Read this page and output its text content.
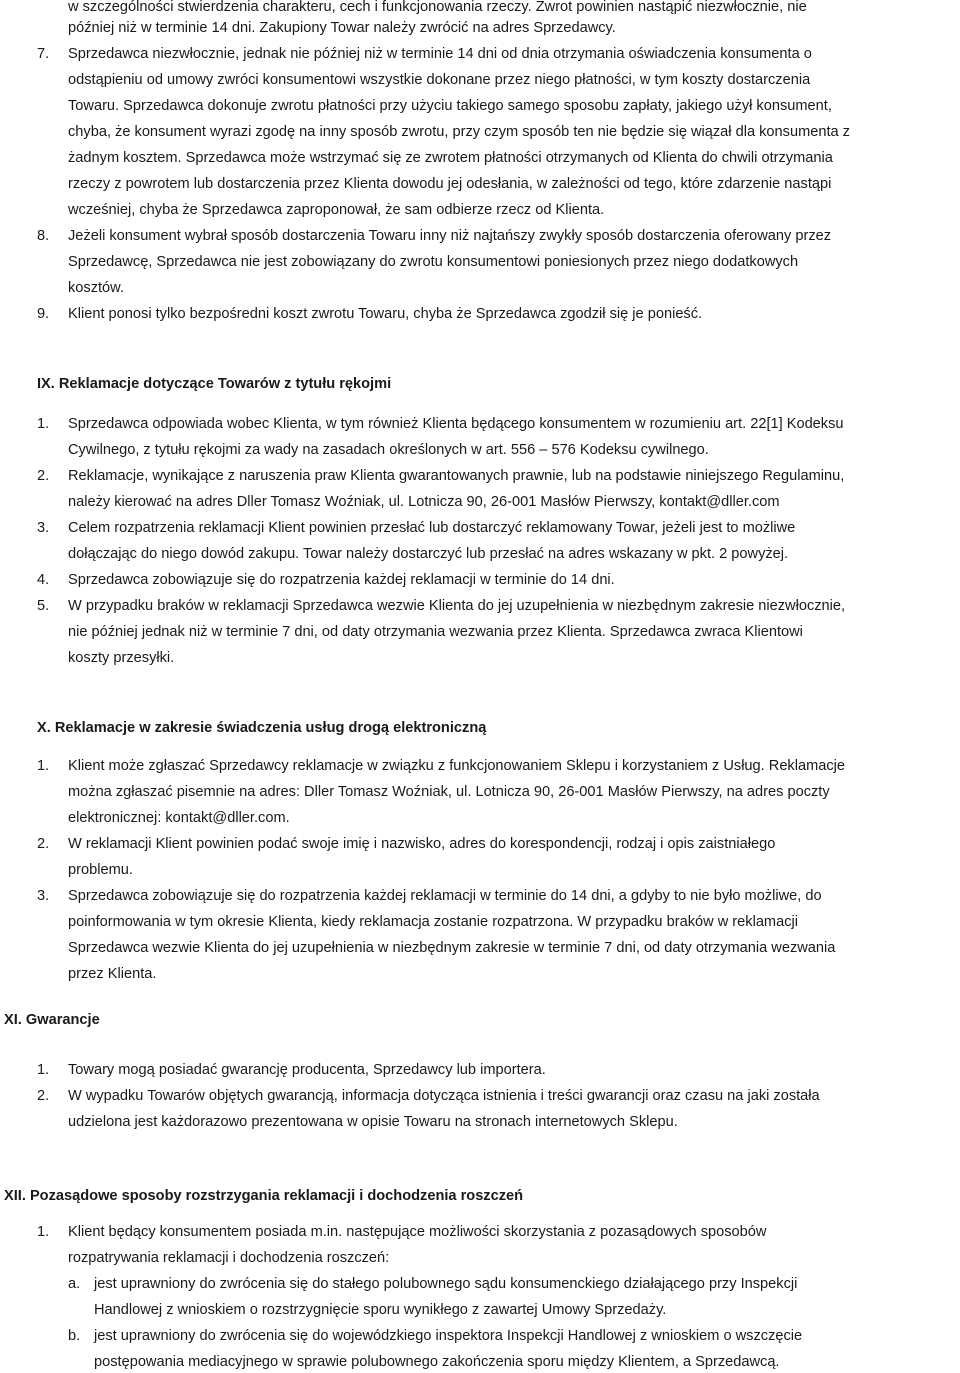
w szczególności stwierdzenia charakteru, cech i funkcjonowania rzeczy. Zwrot powinien nastąpić niezwłocznie, nie
później niż w terminie 14 dni. Zakupiony Towar należy zwrócić na adres Sprzedawcy.
7. Sprzedawca niezwłocznie, jednak nie później niż w terminie 14 dni od dnia otrzymania oświadczenia konsumenta o
odstąpieniu od umowy zwróci konsumentowi wszystkie dokonane przez niego płatności, w tym koszty dostarczenia
Towaru. Sprzedawca dokonuje zwrotu płatności przy użyciu takiego samego sposobu zapłaty, jakiego użył konsument,
chyba, że konsument wyrazi zgodę na inny sposób zwrotu, przy czym sposób ten nie będzie się wiązał dla konsumenta z
żadnym kosztem. Sprzedawca może wstrzymać się ze zwrotem płatności otrzymanych od Klienta do chwili otrzymania
rzeczy z powrotem lub dostarczenia przez Klienta dowodu jej odesłania, w zależności od tego, które zdarzenie nastąpi
wcześniej, chyba że Sprzedawca zaproponował, że sam odbierze rzecz od Klienta.
8. Jeżeli konsument wybrał sposób dostarczenia Towaru inny niż najtańszy zwykły sposób dostarczenia oferowany przez
Sprzedawcę, Sprzedawca nie jest zobowiązany do zwrotu konsumentowi poniesionych przez niego dodatkowych
kosztów.
9. Klient ponosi tylko bezpośredni koszt zwrotu Towaru, chyba że Sprzedawca zgodził się je ponieść.
IX. Reklamacje dotyczące Towarów z tytułu rękojmi
1. Sprzedawca odpowiada wobec Klienta, w tym również Klienta będącego konsumentem w rozumieniu art. 22[1] Kodeksu
Cywilnego, z tytułu rękojmi za wady na zasadach określonych w art. 556 – 576 Kodeksu cywilnego.
2. Reklamacje, wynikające z naruszenia praw Klienta gwarantowanych prawnie, lub na podstawie niniejszego Regulaminu,
należy kierować na adres Dller Tomasz Woźniak, ul. Lotnicza 90, 26-001 Masłów Pierwszy, kontakt@dller.com
3. Celem rozpatrzenia reklamacji Klient powinien przesłać lub dostarczyć reklamowany Towar, jeżeli jest to możliwe
dołączając do niego dowód zakupu. Towar należy dostarczyć lub przesłać na adres wskazany w pkt. 2 powyżej.
4. Sprzedawca zobowiązuje się do rozpatrzenia każdej reklamacji w terminie do 14 dni.
5. W przypadku braków w reklamacji Sprzedawca wezwie Klienta do jej uzupełnienia w niezbędnym zakresie niezwłocznie,
nie później jednak niż w terminie 7 dni, od daty otrzymania wezwania przez Klienta. Sprzedawca zwraca Klientowi
koszty przesyłki.
X. Reklamacje w zakresie świadczenia usług drogą elektroniczną
1. Klient może zgłaszać Sprzedawcy reklamacje w związku z funkcjonowaniem Sklepu i korzystaniem z Usług. Reklamacje
można zgłaszać pisemnie na adres: Dller Tomasz Woźniak, ul. Lotnicza 90, 26-001 Masłów Pierwszy, na adres poczty
elektronicznej: kontakt@dller.com.
2. W reklamacji Klient powinien podać swoje imię i nazwisko, adres do korespondencji, rodzaj i opis zaistniałego
problemu.
3. Sprzedawca zobowiązuje się do rozpatrzenia każdej reklamacji w terminie do 14 dni, a gdyby to nie było możliwe, do
poinformowania w tym okresie Klienta, kiedy reklamacja zostanie rozpatrzona. W przypadku braków w reklamacji
Sprzedawca wezwie Klienta do jej uzupełnienia w niezbędnym zakresie w terminie 7 dni, od daty otrzymania wezwania
przez Klienta.
XI. Gwarancje
1. Towary mogą posiadać gwarancję producenta, Sprzedawcy lub importera.
2. W wypadku Towarów objętych gwarancją, informacja dotycząca istnienia i treści gwarancji oraz czasu na jaki została
udzielona jest każdorazowo prezentowana w opisie Towaru na stronach internetowych Sklepu.
XII. Pozasądowe sposoby rozstrzygania reklamacji i dochodzenia roszczeń
1. Klient będący konsumentem posiada m.in. następujące możliwości skorzystania z pozasądowych sposobów
rozpatrywania reklamacji i dochodzenia roszczeń:
a. jest uprawniony do zwrócenia się do stałego polubownego sądu konsumenckiego działającego przy Inspekcji
Handlowej z wnioskiem o rozstrzygnięcie sporu wynikłego z zawartej Umowy Sprzedaży.
b. jest uprawniony do zwrócenia się do wojewódzkiego inspektora Inspekcji Handlowej z wnioskiem o wszczęcie
postępowania mediacyjnego w sprawie polubownego zakończenia sporu między Klientem, a Sprzedawcą.
